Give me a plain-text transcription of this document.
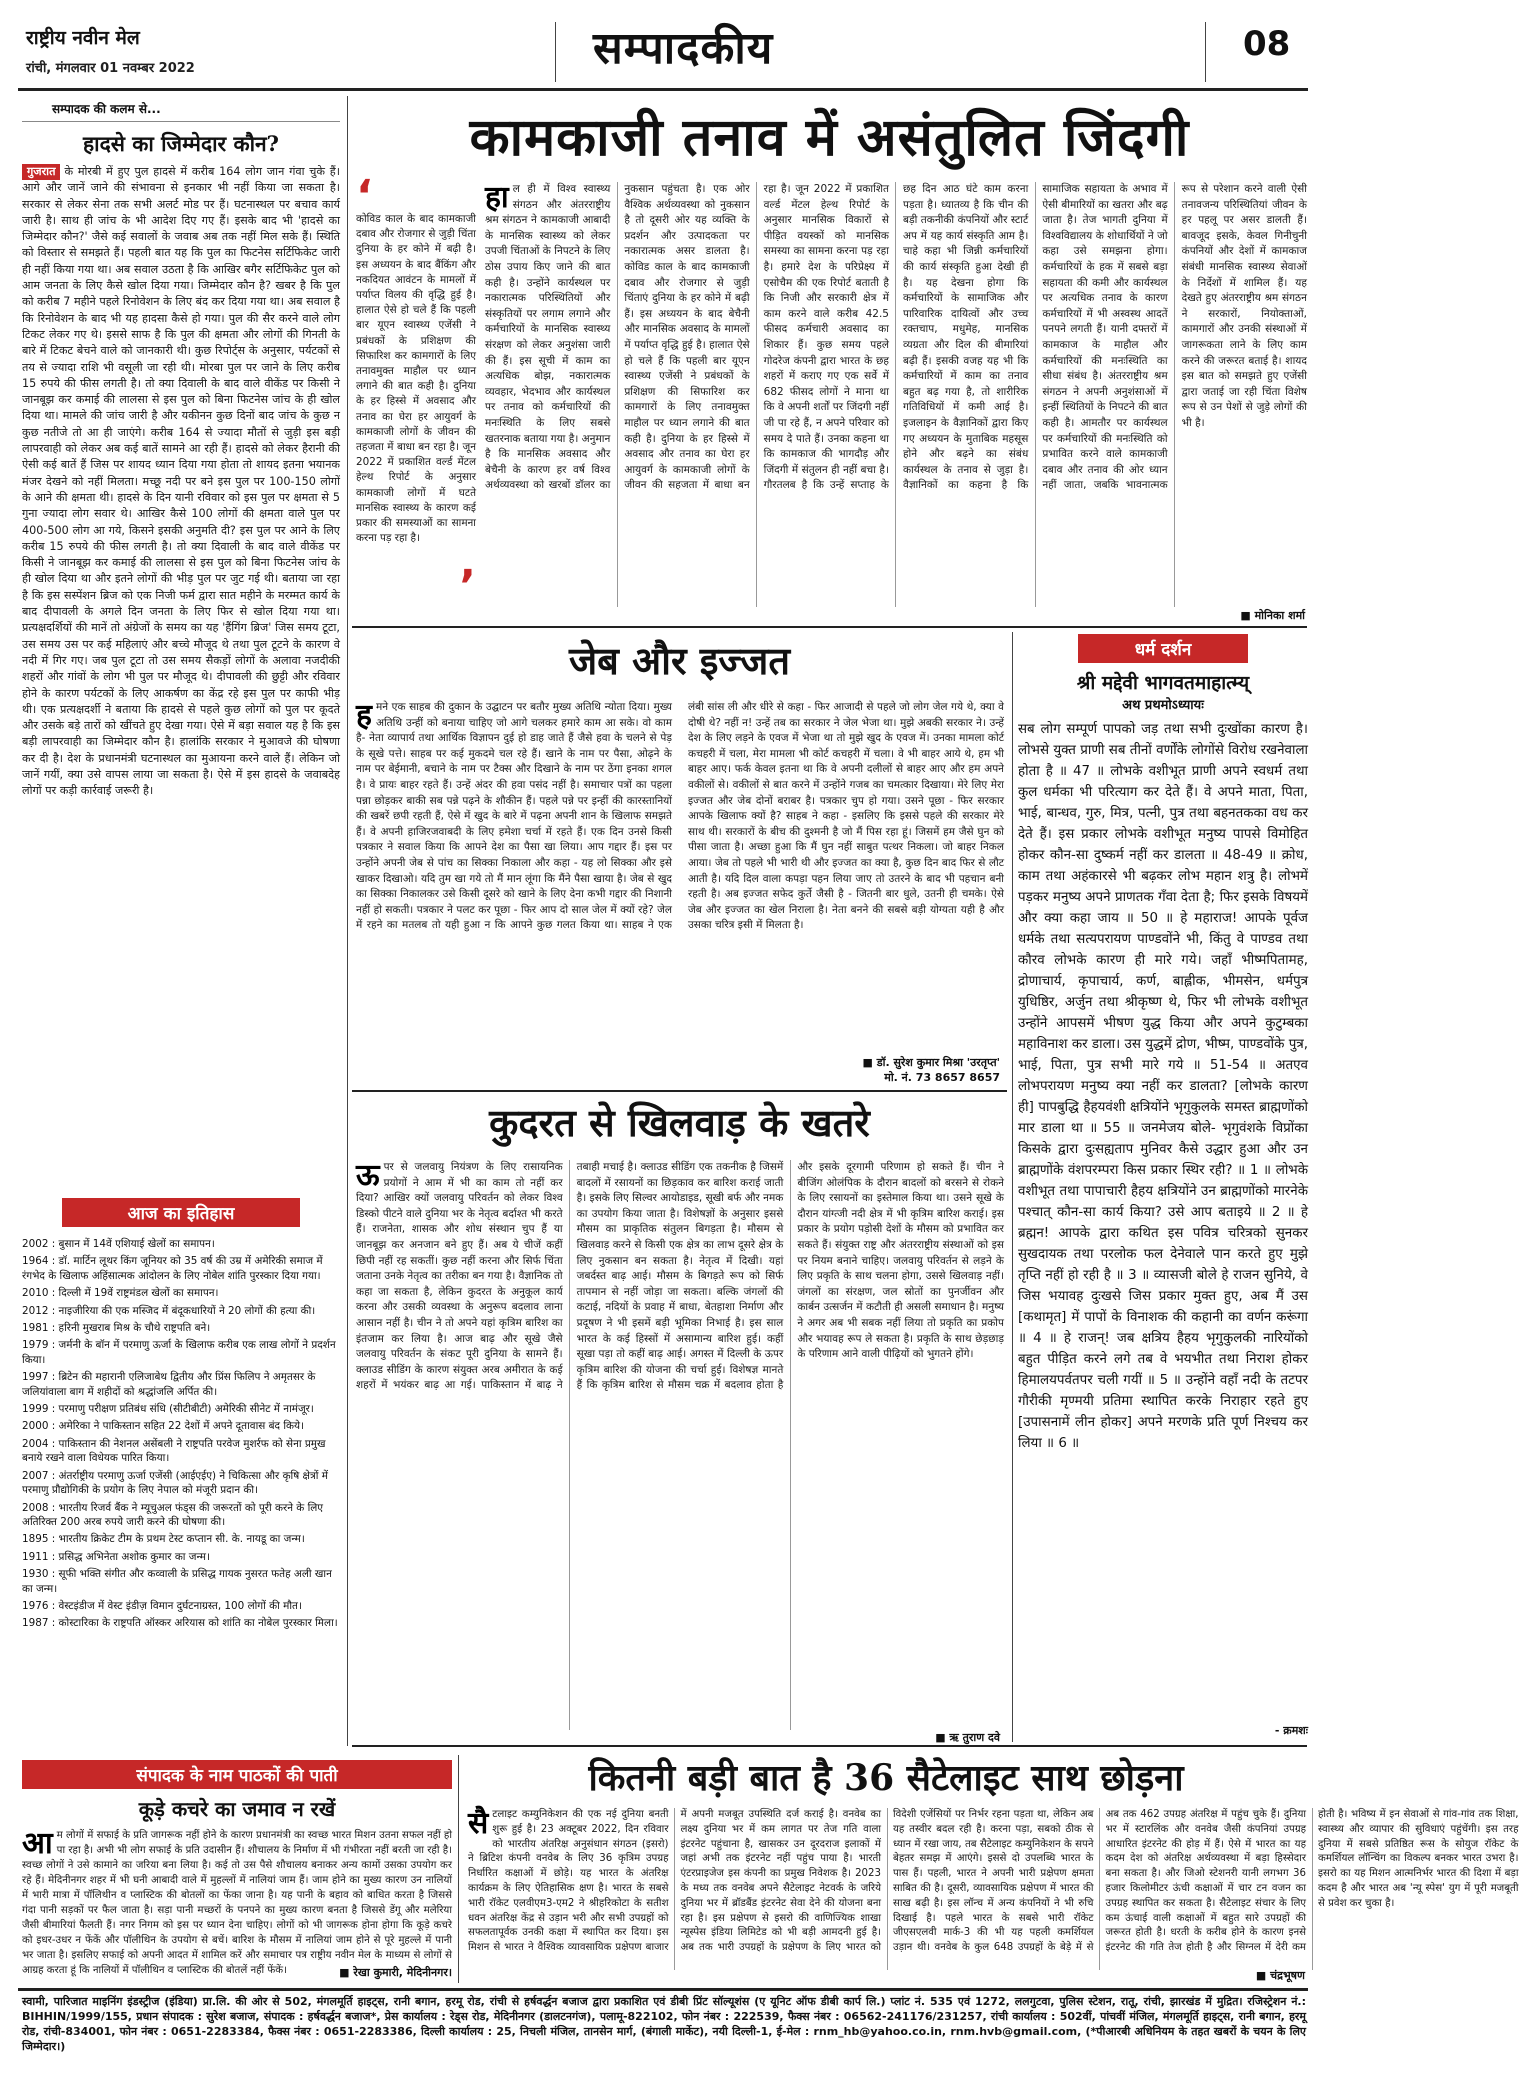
राष्ट्रीय नवीन मेल
रांची, मंगलवार 01 नवम्बर 2022	सम्पादकीय	08
सम्पादक की कलम से...
हादसे का जिम्मेदार कौन?
गुजरात के मोरबी में हुए पुल हादसे में करीब 164 लोग जान गंवा चुके हैं। आगे और जानें जाने की संभावना से इनकार भी नहीं किया जा सकता है। सरकार से लेकर सेना तक सभी अलर्ट मोड पर हैं। घटनास्थल पर बचाव कार्य जारी है। साथ ही जांच के भी आदेश दिए गए हैं। इसके बाद भी 'हादसे का जिम्मेदार कौन?' जैसे कई सवालों के जवाब अब तक नहीं मिल सके हैं। स्थिति को विस्तार से समझते हैं। पहली बात यह कि पुल का फिटनेस सर्टिफिकेट जारी ही नहीं किया गया था। अब सवाल उठता है कि आखिर बगैर सर्टिफिकेट पुल को आम जनता के लिए कैसे खोल दिया गया। जिम्मेदार कौन है? खबर है कि पुल को करीब 7 महीने पहले रिनोवेशन के लिए बंद कर दिया गया था। अब सवाल है कि रिनोवेशन के बाद भी यह हादसा कैसे हो गया। पुल की सैर करने वाले लोग टिकट लेकर गए थे। इससे साफ है कि पुल की क्षमता और लोगों की गिनती के बारे में टिकट बेचने वाले को जानकारी थी। कुछ रिपोर्ट्स के अनुसार, पर्यटकों से तय से ज्यादा राशि भी वसूली जा रही थी। मोरबा पुल पर जाने के लिए करीब 15 रुपये की फीस लगती है। तो क्या दिवाली के बाद वाले वीकेंड पर किसी ने जानबूझ कर कमाई की लालसा से इस पुल को बिना फिटनेस जांच के ही खोल दिया था। मामले की जांच जारी है और यकीनन कुछ दिनों बाद जांच के कुछ न कुछ नतीजे तो आ ही जाएंगे। करीब 164 से ज्यादा मौतों से जुड़ी इस बड़ी लापरवाही को लेकर अब कई बातें सामने आ रही हैं। हादसे को लेकर हैरानी की ऐसी कई बातें हैं जिस पर शायद ध्यान दिया गया होता तो शायद इतना भयानक मंजर देखने को नहीं मिलता। मच्छू नदी पर बने इस पुल पर 100-150 लोगों के आने की क्षमता थी। हादसे के दिन यानी रविवार को इस पुल पर क्षमता से 5 गुना ज्यादा लोग सवार थे। आखिर कैसे 100 लोगों की क्षमता वाले पुल पर 400-500 लोग आ गये, किसने इसकी अनुमति दी? इस पुल पर आने के लिए करीब 15 रुपये की फीस लगती है। तो क्या दिवाली के बाद वाले वीकेंड पर किसी ने जानबूझ कर कमाई की लालसा से इस पुल को बिना फिटनेस जांच के ही खोल दिया था और इतने लोगों की भीड़ पुल पर जुट गई थी। बताया जा रहा है कि इस सस्पेंशन ब्रिज को एक निजी फर्म द्वारा सात महीने के मरम्मत कार्य के बाद दीपावली के अगले दिन जनता के लिए फिर से खोल दिया गया था। प्रत्यक्षदर्शियों की मानें तो अंग्रेजों के समय का यह 'हैंगिंग ब्रिज' जिस समय टूटा, उस समय उस पर कई महिलाएं और बच्चे मौजूद थे तथा पुल टूटने के कारण वे नदी में गिर गए। जब पुल टूटा तो उस समय सैकड़ों लोगों के अलावा नजदीकी शहरों और गांवों के लोग भी पुल पर मौजूद थे। दीपावली की छुट्टी और रविवार होने के कारण पर्यटकों के लिए आकर्षण का केंद्र रहे इस पुल पर काफी भीड़ थी। एक प्रत्यक्षदर्शी ने बताया कि हादसे से पहले कुछ लोगों को पुल पर कूदते और उसके बड़े तारों को खींचते हुए देखा गया। ऐसे में बड़ा सवाल यह है कि इस बड़ी लापरवाही का जिम्मेदार कौन है। हालांकि सरकार ने मुआवजे की घोषणा कर दी है। देश के प्रधानमंत्री घटनास्थल का मुआयना करने वाले हैं। लेकिन जो जानें गयीं, क्या उसे वापस लाया जा सकता है। ऐसे में इस हादसे के जवाबदेह लोगों पर कड़ी कार्रवाई जरूरी है।
आज का इतिहास

2002 : बुसान में 14वें एशियाई खेलों का समापन।

1964 : डॉ. मार्टिन लूथर किंग जूनियर को 35 वर्ष की उम्र में अमेरिकी समाज में रंगभेद के खिलाफ अहिंसात्मक आंदोलन के लिए नोबेल शांति पुरस्कार दिया गया।

2010 : दिल्ली में 19वें राष्ट्रमंडल खेलों का समापन।

2012 : नाइजीरिया की एक मस्जिद में बंदूकधारियों ने 20 लोगों की हत्या की।

1981 : हरिनी मुखराब मिश्र के चौथे राष्ट्रपति बने।

1979 : जर्मनी के बॉन में परमाणु ऊर्जा के खिलाफ करीब एक लाख लोगों ने प्रदर्शन किया।

1997 : ब्रिटेन की महारानी एलिजाबेथ द्वितीय और प्रिंस फिलिप ने अमृतसर के जलियांवाला बाग में शहीदों को श्रद्धांजलि अर्पित की।

1999 : परमाणु परीक्षण प्रतिबंध संधि (सीटीबीटी) अमेरिकी सीनेट में नामंजूर।

2000 : अमेरिका ने पाकिस्तान सहित 22 देशों में अपने दूतावास बंद किये।

2004 : पाकिस्तान की नेशनल असेंबली ने राष्ट्रपति परवेज मुशर्रफ को सेना प्रमुख बनाये रखने वाला विधेयक पारित किया।

2007 : अंतर्राष्ट्रीय परमाणु ऊर्जा एजेंसी (आईएईए) ने चिकित्सा और कृषि क्षेत्रों में परमाणु प्रौद्योगिकी के प्रयोग के लिए नेपाल को मंजूरी प्रदान की।

2008 : भारतीय रिजर्व बैंक ने म्यूचुअल फंड्स की जरूरतों को पूरी करने के लिए अतिरिक्त 200 अरब रुपये जारी करने की घोषणा की।

1895 : भारतीय क्रिकेट टीम के प्रथम टेस्ट कप्तान सी. के. नायडू का जन्म।

1911 : प्रसिद्ध अभिनेता अशोक कुमार का जन्म।

1930 : सूफी भक्ति संगीत और कव्वाली के प्रसिद्ध गायक नुसरत फतेह अली खान का जन्म।

1976 : वेस्टइंडीज में वेस्ट इंडीज़ विमान दुर्घटनाग्रस्त, 100 लोगों की मौत।

1987 : कोस्टारिका के राष्ट्रपति ऑस्कर अरियास को शांति का नोबेल पुरस्कार मिला।

संपादक के नाम पाठकों की पाती
कूड़े कचरे का जमाव न रखें
आम लोगों में सफाई के प्रति जागरूक नहीं होने के कारण प्रधानमंत्री का स्वच्छ भारत मिशन उतना सफल नहीं हो पा रहा है। अभी भी लोग सफाई के प्रति उदासीन हैं। शौचालय के निर्माण में भी गंभीरता नहीं बरती जा रही है। स्वच्छ लोगों ने उसे कामाने का जरिया बना लिया है। कई तो उस पैसे शौचालय बनाकर अन्य कामों उसका उपयोग कर रहे हैं। मेदिनीनगर शहर में भी घनी आबादी वाले में मुहल्लों में नालियां जाम हैं। जाम होने का मुख्य कारण उन नालियों में भारी मात्रा में पॉलिथीन व प्लास्टिक की बोतलों का फेंका जाना है। यह पानी के बहाव को बाधित करता है जिससे गंदा पानी सड़कों पर फैल जाता है। सड़ा पानी मच्छरों के पनपने का मुख्य कारण बनता है जिससे डेंगू और मलेरिया जैसी बीमारियां फैलती हैं। नगर निगम को इस पर ध्यान देना चाहिए। लोगों को भी जागरूक होना होगा कि कूड़े कचरे को इधर-उधर न फेंकें और पॉलीथिन के उपयोग से बचें। बारिश के मौसम में नालियां जाम होने से पूरे मुहल्ले में पानी भर जाता है। इसलिए सफाई को अपनी आदत में शामिल करें और समाचार पत्र राष्ट्रीय नवीन मेल के माध्यम से लोगों से आग्रह करता हूं कि नालियों में पॉलीथिन व प्लास्टिक की बोतलें नहीं फेंकें।	■ रेखा कुमारी, मेदिनीनगर।
कामकाजी तनाव में असंतुलित जिंदगी
‘
कोविड काल के बाद कामकाजी दबाव और रोजगार से जुड़ी चिंता दुनिया के हर कोने में बढ़ी है। इस अध्ययन के बाद बैंकिंग और नकदियत आवंटन के मामलों में पर्याप्त विलय की वृद्धि हुई है। हालात ऐसे हो चले हैं कि पहली बार यूएन स्वास्थ्य एजेंसी ने प्रबंधकों के प्रशिक्षण की सिफारिश कर कामगारों के लिए तनावमुक्त माहौल पर ध्यान लगाने की बात कही है। दुनिया के हर हिस्से में अवसाद और तनाव का घेरा हर आयुवर्ग के कामकाजी लोगों के जीवन की तहजता में बाधा बन रहा है। जून 2022 में प्रकाशित वर्ल्ड मेंटल हेल्थ रिपोर्ट के अनुसार कामकाजी लोगों में घटते मानसिक स्वास्थ्य के कारण कई प्रकार की समस्याओं का सामना करना पड़ रहा है।
’
हाल ही में विश्व स्वास्थ्य संगठन और अंतरराष्ट्रीय श्रम संगठन ने कामकाजी आबादी के मानसिक स्वास्थ्य को लेकर उपजी चिंताओं के निपटने के लिए ठोस उपाय किए जाने की बात कही है। उन्होंने कार्यस्थल पर नकारात्मक परिस्थितियों और संस्कृतियों पर लगाम लगाने और कर्मचारियों के मानसिक स्वास्थ्य संरक्षण को लेकर अनुशंसा जारी की हैं। इस सूची में काम का अत्यधिक बोझ, नकारात्मक व्यवहार, भेदभाव और कार्यस्थल पर तनाव को कर्मचारियों की मनःस्थिति के लिए सबसे खतरनाक बताया गया है। अनुमान है कि मानसिक अवसाद और बेचैनी के कारण हर वर्ष विश्व अर्थव्यवस्था को खरबों डॉलर का नुकसान पहुंचता है। एक ओर वैश्विक अर्थव्यवस्था को नुकसान है तो दूसरी ओर यह व्यक्ति के प्रदर्शन और उत्पादकता पर नकारात्मक असर डालता है। कोविड काल के बाद कामकाजी दबाव और रोजगार से जुड़ी चिंताएं दुनिया के हर कोने में बढ़ी हैं। इस अध्ययन के बाद बेचैनी और मानसिक अवसाद के मामलों में पर्याप्त वृद्धि हुई है। हालात ऐसे हो चले हैं कि पहली बार यूएन स्वास्थ्य एजेंसी ने प्रबंधकों के प्रशिक्षण की सिफारिश कर कामगारों के लिए तनावमुक्त माहौल पर ध्यान लगाने की बात कही है। दुनिया के हर हिस्से में अवसाद और तनाव का घेरा हर आयुवर्ग के कामकाजी लोगों के जीवन की सहजता में बाधा बन रहा है। जून 2022 में प्रकाशित वर्ल्ड मेंटल हेल्थ रिपोर्ट के अनुसार मानसिक विकारों से पीड़ित वयस्कों को मानसिक समस्या का सामना करना पड़ रहा है। हमारे देश के परिप्रेक्ष्य में एसोचैम की एक रिपोर्ट बताती है कि निजी और सरकारी क्षेत्र में काम करने वाले करीब 42.5 फीसद कर्मचारी अवसाद का शिकार हैं। कुछ समय पहले गोदरेज कंपनी द्वारा भारत के छह शहरों में कराए गए एक सर्वे में 682 फीसद लोगों ने माना था कि वे अपनी शर्तों पर जिंदगी नहीं जी पा रहे हैं, न अपने परिवार को समय दे पाते हैं। उनका कहना था कि कामकाज की भागदौड़ और जिंदगी में संतुलन ही नहीं बचा है। गौरतलब है कि उन्हें सप्ताह के छह दिन आठ घंटे काम करना पड़ता है। ध्यातव्य है कि चीन की बड़ी तकनीकी कंपनियों और स्टार्ट अप में यह कार्य संस्कृति आम है। चाहे कहा भी जिन्नी कर्मचारियों की कार्य संस्कृति हुआ देखी ही है। यह देखना होगा कि कर्मचारियों के सामाजिक और पारिवारिक दायित्वों और उच्च रक्तचाप, मधुमेह, मानसिक व्यग्रता और दिल की बीमारियां बढ़ी हैं। इसकी वजह यह भी कि कर्मचारियों में काम का तनाव बहुत बढ़ गया है, तो शारीरिक गतिविधियों में कमी आई है। इजलाइन के वैज्ञानिकों द्वारा किए गए अध्ययन के मुताबिक महसूस होने और बढ़ने का संबंध कार्यस्थल के तनाव से जुड़ा है। वैज्ञानिकों का कहना है कि सामाजिक सहायता के अभाव में ऐसी बीमारियों का खतरा और बढ़ जाता है। तेज भागती दुनिया में विश्वविद्यालय के शोधार्थियों ने जो कहा उसे समझना होगा। कर्मचारियों के हक में सबसे बड़ा सहायता की कमी और कार्यस्थल पर अत्यधिक तनाव के कारण कर्मचारियों में भी अस्वस्थ आदतें पनपने लगती हैं। यानी दफ्तरों में कामकाज के माहौल और कर्मचारियों की मनःस्थिति का सीधा संबंध है। अंतरराष्ट्रीय श्रम संगठन ने अपनी अनुशंसाओं में इन्हीं स्थितियों के निपटने की बात कही है। आमतौर पर कार्यस्थल पर कर्मचारियों की मनःस्थिति को प्रभावित करने वाले कामकाजी दबाव और तनाव की ओर ध्यान नहीं जाता, जबकि भावनात्मक रूप से परेशान करने वाली ऐसी तनावजन्य परिस्थितियां जीवन के हर पहलू पर असर डालती हैं। बावजूद इसके, केवल गिनीचुनी कंपनियों और देशों में कामकाज संबंधी मानसिक स्वास्थ्य सेवाओं के निर्देशों में शामिल हैं। यह देखते हुए अंतरराष्ट्रीय श्रम संगठन ने सरकारों, नियोक्ताओं, कामगारों और उनकी संस्थाओं में जागरूकता लाने के लिए काम करने की जरूरत बताई है। शायद इस बात को समझते हुए एजेंसी द्वारा जताई जा रही चिंता विशेष रूप से उन पेशों से जुड़े लोगों की भी है।
■ मोनिका शर्मा
जेब और इज्जत
हमने एक साहब की दुकान के उद्घाटन पर बतौर मुख्य अतिथि न्योता दिया। मुख्य अतिथि उन्हीं को बनाया चाहिए जो आगे चलकर हमारे काम आ सके। वो काम है- नेता व्यापार्य तथा आर्थिक विज्ञापन दुई हो डाह जाते हैं जैसे हवा के चलने से पेड़ के सूखे पत्ते। साहब पर कई मुकदमे चल रहे हैं। खाने के नाम पर पैसा, ओढ़ने के नाम पर बेईमानी, बचाने के नाम पर टैक्स और दिखाने के नाम पर ठेंगा इनका शगल है। वे प्रायः बाहर रहते हैं। उन्हें अंदर की हवा पसंद नहीं है। समाचार पत्रों का पहला पन्ना छोड़कर बाकी सब पन्ने पढ़ने के शौकीन हैं। पहले पन्ने पर इन्हीं की कारस्तानियों की खबरें छपी रहती हैं, ऐसे में खुद के बारे में पढ़ना अपनी शान के खिलाफ समझते हैं। वे अपनी हाजिरजवाबदी के लिए हमेशा चर्चा में रहते हैं। एक दिन उनसे किसी पत्रकार ने सवाल किया कि आपने देश का पैसा खा लिया। आप गद्दार हैं। इस पर उन्होंने अपनी जेब से पांच का सिक्का निकाला और कहा - यह लो सिक्का और इसे खाकर दिखाओ। यदि तुम खा गये तो मैं मान लूंगा कि मैंने पैसा खाया है। जेब से खुद का सिक्का निकालकर उसे किसी दूसरे को खाने के लिए देना कभी गद्दार की निशानी नहीं हो सकती। पत्रकार ने पलट कर पूछा - फिर आप दो साल जेल में क्यों रहे? जेल में रहने का मतलब तो यही हुआ न कि आपने कुछ गलत किया था। साहब ने एक लंबी सांस ली और धीरे से कहा - फिर आजादी से पहले जो लोग जेल गये थे, क्या वे दोषी थे? नहीं न! उन्हें तब का सरकार ने जेल भेजा था। मुझे अबकी सरकार ने। उन्हें देश के लिए लड़ने के एवज में भेजा था तो मुझे खुद के एवज में। उनका मामला कोर्ट कचहरी में चला, मेरा मामला भी कोर्ट कचहरी में चला। वे भी बाहर आये थे, हम भी बाहर आए। फर्क केवल इतना था कि वे अपनी दलीलों से बाहर आए और हम अपने वकीलों से। वकीलों से बात करने में उन्होंने गजब का चमत्कार दिखाया। मेरे लिए मेरा इज्जत और जेब दोनों बराबर है। पत्रकार चुप हो गया। उसने पूछा - फिर सरकार आपके खिलाफ क्यों है? साहब ने कहा - इसलिए कि इससे पहले की सरकार मेरे साथ थी। सरकारों के बीच की दुश्मनी है जो मैं पिस रहा हूं। जिसमें हम जैसे घुन को पीसा जाता है। अच्छा हुआ कि मैं घुन नहीं साबुत पत्थर निकला। जो बाहर निकल आया। जेब तो पहले भी भारी थी और इज्जत का क्या है, कुछ दिन बाद फिर से लौट आती है। यदि दिल वाला कपड़ा पहन लिया जाए तो उतरने के बाद भी पहचान बनी रहती है। अब इज्जत सफेद कुर्ते जैसी है - जितनी बार धुले, उतनी ही चमके। ऐसे जेब और इज्जत का खेल निराला है। नेता बनने की सबसे बड़ी योग्यता यही है और उसका चरित्र इसी में मिलता है।
■ डॉ. सुरेश कुमार मिश्रा 'उरतृप्त'
मो. नं. 73 8657 8657
कुदरत से खिलवाड़ के खतरे
ऊपर से जलवायु नियंत्रण के लिए रासायनिक प्रयोगों ने आम में भी का काम तो नहीं कर दिया? आखिर क्यों जलवायु परिवर्तन को लेकर विश्व डिस्को पीटने वाले दुनिया भर के नेतृत्व बर्दाश्त भी करते हैं। राजनेता, शासक और शोध संस्थान चुप हैं या जानबूझ कर अनजान बने हुए हैं। अब ये चीजें कहीं छिपी नहीं रह सकतीं। कुछ नहीं करना और सिर्फ चिंता जताना उनके नेतृत्व का तरीका बन गया है। वैज्ञानिक तो कहा जा सकता है, लेकिन कुदरत के अनुकूल कार्य करना और उसकी व्यवस्था के अनुरूप बदलाव लाना आसान नहीं है। चीन ने तो अपने यहां कृत्रिम बारिश का इंतजाम कर लिया है। आज बाढ़ और सूखे जैसे जलवायु परिवर्तन के संकट पूरी दुनिया के सामने हैं। क्लाउड सीडिंग के कारण संयुक्त अरब अमीरात के कई शहरों में भयंकर बाढ़ आ गई। पाकिस्तान में बाढ़ ने तबाही मचाई है। क्लाउड सीडिंग एक तकनीक है जिसमें बादलों में रसायनों का छिड़काव कर बारिश कराई जाती है। इसके लिए सिल्वर आयोडाइड, सूखी बर्फ और नमक का उपयोग किया जाता है। विशेषज्ञों के अनुसार इससे मौसम का प्राकृतिक संतुलन बिगड़ता है। मौसम से खिलवाड़ करने से किसी एक क्षेत्र का लाभ दूसरे क्षेत्र के लिए नुकसान बन सकता है। नेतृत्व में दिखी। यहां जबर्दस्त बाढ़ आई। मौसम के बिगड़ते रूप को सिर्फ तापमान से नहीं जोड़ा जा सकता। बल्कि जंगलों की कटाई, नदियों के प्रवाह में बाधा, बेतहाशा निर्माण और प्रदूषण ने भी इसमें बड़ी भूमिका निभाई है। इस साल भारत के कई हिस्सों में असामान्य बारिश हुई। कहीं सूखा पड़ा तो कहीं बाढ़ आई। अगस्त में दिल्ली के ऊपर कृत्रिम बारिश की योजना की चर्चा हुई। विशेषज्ञ मानते हैं कि कृत्रिम बारिश से मौसम चक्र में बदलाव होता है और इसके दूरगामी परिणाम हो सकते हैं। चीन ने बीजिंग ओलंपिक के दौरान बादलों को बरसने से रोकने के लिए रसायनों का इस्तेमाल किया था। उसने सूखे के दौरान यांग्त्जी नदी क्षेत्र में भी कृत्रिम बारिश कराई। इस प्रकार के प्रयोग पड़ोसी देशों के मौसम को प्रभावित कर सकते हैं। संयुक्त राष्ट्र और अंतरराष्ट्रीय संस्थाओं को इस पर नियम बनाने चाहिए। जलवायु परिवर्तन से लड़ने के लिए प्रकृति के साथ चलना होगा, उससे खिलवाड़ नहीं। जंगलों का संरक्षण, जल स्रोतों का पुनर्जीवन और कार्बन उत्सर्जन में कटौती ही असली समाधान है। मनुष्य ने अगर अब भी सबक नहीं लिया तो प्रकृति का प्रकोप और भयावह रूप ले सकता है। प्रकृति के साथ छेड़छाड़ के परिणाम आने वाली पीढ़ियों को भुगतने होंगे।
■ ऋ तुराण दवे
धर्म दर्शन
श्री मद्देवी भागवतमाहात्म्य्
अथ प्रथमोऽध्यायः
सब लोग सम्पूर्ण पापको जड़ तथा सभी दुःखोंका कारण है। लोभसे युक्त प्राणी सब तीनों वर्णोंके लोगोंसे विरोध रखनेवाला होता है ॥ 47 ॥ लोभके वशीभूत प्राणी अपने स्वधर्म तथा कुल धर्मका भी परित्याग कर देते हैं। वे अपने माता, पिता, भाई, बान्धव, गुरु, मित्र, पत्नी, पुत्र तथा बहनतकका वध कर देते हैं। इस प्रकार लोभके वशीभूत मनुष्य पापसे विमोहित होकर कौन-सा दुष्कर्म नहीं कर डालता ॥ 48-49 ॥ क्रोध, काम तथा अहंकारसे भी बढ़कर लोभ महान शत्रु है। लोभमें पड़कर मनुष्य अपने प्राणतक गँवा देता है; फिर इसके विषयमें और क्या कहा जाय ॥ 50 ॥ हे महाराज! आपके पूर्वज धर्मके तथा सत्यपरायण पाण्डवोंने भी, किंतु वे पाण्डव तथा कौरव लोभके कारण ही मारे गये। जहाँ भीष्मपितामह, द्रोणाचार्य, कृपाचार्य, कर्ण, बाह्लीक, भीमसेन, धर्मपुत्र युधिष्ठिर, अर्जुन तथा श्रीकृष्ण थे, फिर भी लोभके वशीभूत उन्होंने आपसमें भीषण युद्ध किया और अपने कुटुम्बका महाविनाश कर डाला। उस युद्धमें द्रोण, भीष्म, पाण्डवोंके पुत्र, भाई, पिता, पुत्र सभी मारे गये ॥ 51-54 ॥ अतएव लोभपरायण मनुष्य क्या नहीं कर डालता? [लोभके कारण ही] पापबुद्धि हैहयवंशी क्षत्रियोंने भृगुकुलके समस्त ब्राह्मणोंको मार डाला था ॥ 55 ॥ जनमेजय बोले- भृगुवंशके विप्रोंका किसके द्वारा दुःसह्यताप मुनिवर कैसे उद्धार हुआ और उन ब्राह्मणोंके वंशपरम्परा किस प्रकार स्थिर रही? ॥ 1 ॥ लोभके वशीभूत तथा पापाचारी हैहय क्षत्रियोंने उन ब्राह्मणोंको मारनेके पश्चात् कौन-सा कार्य किया? उसे आप बताइये ॥ 2 ॥ हे ब्रह्मन! आपके द्वारा कथित इस पवित्र चरित्रको सुनकर सुखदायक तथा परलोक फल देनेवाले पान करते हुए मुझे तृप्ति नहीं हो रही है ॥ 3 ॥ व्यासजी बोले हे राजन सुनिये, वे जिस भयावह दुःखसे जिस प्रकार मुक्त हुए, अब मैं उस [कथामृत] में पापों के विनाशक की कहानी का वर्णन करूंगा ॥ 4 ॥ हे राजन्! जब क्षत्रिय हैहय भृगुकुलकी नारियोंको बहुत पीड़ित करने लगे तब वे भयभीत तथा निराश होकर हिमालयपर्वतपर चली गयीं ॥ 5 ॥ उन्होंने वहाँ नदी के तटपर गौरीकी मृण्मयी प्रतिमा स्थापित करके निराहार रहते हुए [उपासनामें लीन होकर] अपने मरणके प्रति पूर्ण निश्चय कर लिया ॥ 6 ॥
- क्रमशः
कितनी बड़ी बात है 36 सैटेलाइट साथ छोड़ना
सैटलाइट कम्युनिकेशन की एक नई दुनिया बनती शुरू हुई है। 23 अक्टूबर 2022, दिन रविवार को भारतीय अंतरिक्ष अनुसंधान संगठन (इसरो) ने ब्रिटिश कंपनी वनवेब के लिए 36 कृत्रिम उपग्रह निर्धारित कक्षाओं में छोड़े। यह भारत के अंतरिक्ष कार्यक्रम के लिए ऐतिहासिक क्षण है। भारत के सबसे भारी रॉकेट एलवीएम3-एम2 ने श्रीहरिकोटा के सतीश धवन अंतरिक्ष केंद्र से उड़ान भरी और सभी उपग्रहों को सफलतापूर्वक उनकी कक्षा में स्थापित कर दिया। इस मिशन से भारत ने वैश्विक व्यावसायिक प्रक्षेपण बाजार में अपनी मजबूत उपस्थिति दर्ज कराई है। वनवेब का लक्ष्य दुनिया भर में कम लागत पर तेज गति वाला इंटरनेट पहुंचाना है, खासकर उन दूरदराज इलाकों में जहां अभी तक इंटरनेट नहीं पहुंच पाया है। भारती एंटरप्राइजेज इस कंपनी का प्रमुख निवेशक है। 2023 के मध्य तक वनवेब अपने सैटेलाइट नेटवर्क के जरिये दुनिया भर में ब्रॉडबैंड इंटरनेट सेवा देने की योजना बना रहा है। इस प्रक्षेपण से इसरो की वाणिज्यिक शाखा न्यूस्पेस इंडिया लिमिटेड को भी बड़ी आमदनी हुई है। अब तक भारी उपग्रहों के प्रक्षेपण के लिए भारत को विदेशी एजेंसियों पर निर्भर रहना पड़ता था, लेकिन अब यह तस्वीर बदल रही है। करना पड़ा, सबको ठीक से ध्यान में रखा जाय, तब सैटेलाइट कम्युनिकेशन के सपने बेहतर समझ में आएंगे। इससे दो उपलब्धि भारत के पास हैं। पहली, भारत ने अपनी भारी प्रक्षेपण क्षमता साबित की है। दूसरी, व्यावसायिक प्रक्षेपण में भारत की साख बढ़ी है। इस लॉन्च में अन्य कंपनियों ने भी रुचि दिखाई है। पहले भारत के सबसे भारी रॉकेट जीएसएलवी मार्क-3 की भी यह पहली कमर्शियल उड़ान थी। वनवेब के कुल 648 उपग्रहों के बेड़े में से अब तक 462 उपग्रह अंतरिक्ष में पहुंच चुके हैं। दुनिया भर में स्टारलिंक और वनवेब जैसी कंपनियां उपग्रह आधारित इंटरनेट की होड़ में हैं। ऐसे में भारत का यह कदम देश को अंतरिक्ष अर्थव्यवस्था में बड़ा हिस्सेदार बना सकता है। और जिओ स्टेशनरी यानी लगभग 36 हजार किलोमीटर ऊंची कक्षाओं में चार टन वजन का उपग्रह स्थापित कर सकता है। सैटेलाइट संचार के लिए कम ऊंचाई वाली कक्षाओं में बहुत सारे उपग्रहों की जरूरत होती है। धरती के करीब होने के कारण इनसे इंटरनेट की गति तेज होती है और सिग्नल में देरी कम होती है। भविष्य में इन सेवाओं से गांव-गांव तक शिक्षा, स्वास्थ्य और व्यापार की सुविधाएं पहुंचेंगी। इस तरह दुनिया में सबसे प्रतिष्ठित रूस के सोयुज रॉकेट के कमर्शियल लॉन्चिंग का विकल्प बनकर भारत उभरा है। इसरो का यह मिशन आत्मनिर्भर भारत की दिशा में बड़ा कदम है और भारत अब 'न्यू स्पेस' युग में पूरी मजबूती से प्रवेश कर चुका है।
■ चंद्रभूषण
स्वामी, पारिजात माइनिंग इंडस्ट्रीज (इंडिया) प्रा.लि. की ओर से 502, मंगलमूर्ति हाइट्स, रानी बगान, हरमू रोड, रांची से हर्षवर्द्धन बजाज द्वारा प्रकाशित एवं डीबी प्रिंट सॉल्यूशंस (ए यूनिट ऑफ डीबी कार्प लि.) प्लांट नं. 535 एवं 1272, ललगुटवा, पुलिस स्टेशन, रातू, रांची, झारखंड में मुद्रित। रजिस्ट्रेशन नं.: BIHHIN/1999/155, प्रधान संपादक : सुरेश बजाज, संपादक : हर्षवर्द्धन बजाज*, प्रेस कार्यालय : रेड्स रोड, मेदिनीनगर (डालटनगंज), पलामू-822102, फोन नंबर : 222539, फैक्स नंबर : 06562-241176/231257, रांची कार्यालय : 502वीं, पांचवीं मंजिल, मंगलमूर्ति हाइट्स, रानी बगान, हरमू रोड, रांची-834001, फोन नंबर : 0651-2283384, फैक्स नंबर : 0651-2283386, दिल्ली कार्यालय : 25, निचली मंजिल, तानसेन मार्ग, (बंगाली मार्केट), नयी दिल्ली-1, ई-मेल : rnm_hb@yahoo.co.in, rnm.hvb@gmail.com, (*पीआरबी अधिनियम के तहत खबरों के चयन के लिए जिम्मेदार।)
